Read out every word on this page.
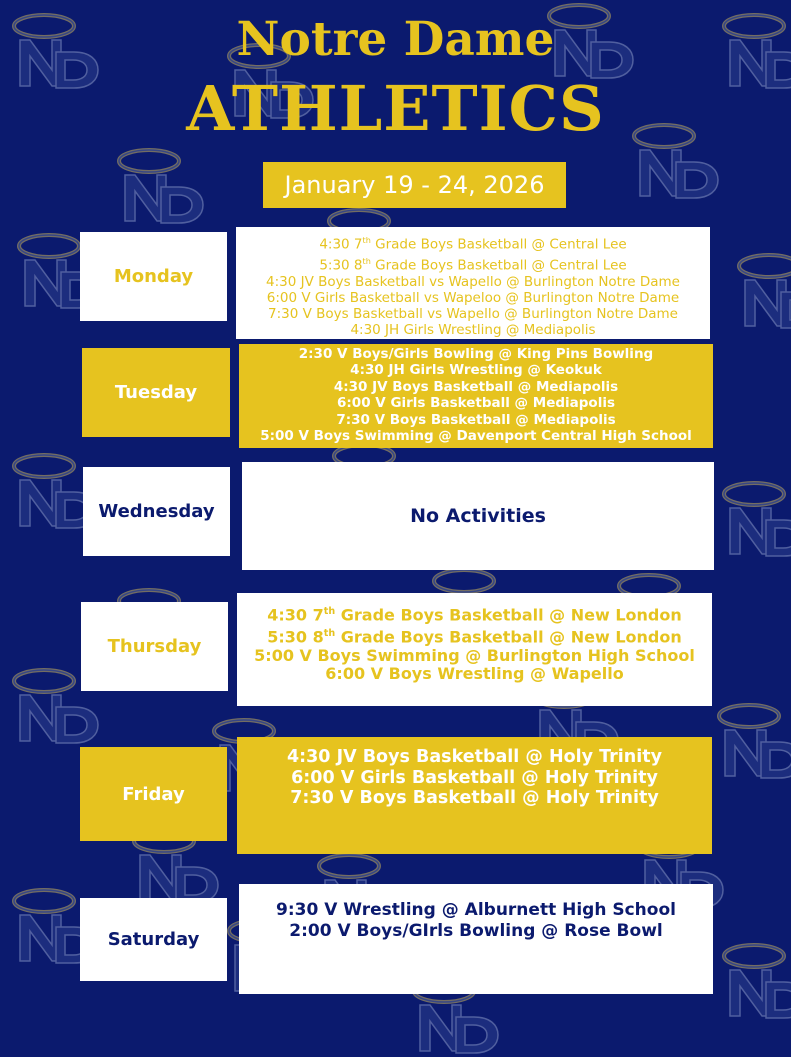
Notre Dame
ATHLETICS
January 19 - 24, 2026
Monday
4:30 7th Grade Boys Basketball @ Central Lee
5:30 8th Grade Boys Basketball @ Central Lee
4:30 JV Boys Basketball vs Wapello @ Burlington Notre Dame
6:00 V Girls Basketball vs Wapeloo @ Burlington Notre Dame
7:30 V Boys Basketball vs Wapello @ Burlington Notre Dame
4:30 JH Girls Wrestling @ Mediapolis
Tuesday
2:30 V Boys/Girls Bowling @ King Pins Bowling
4:30 JH Girls Wrestling @ Keokuk
4:30 JV Boys Basketball @ Mediapolis
6:00 V Girls Basketball @ Mediapolis
7:30 V Boys Basketball @ Mediapolis
5:00 V Boys Swimming @ Davenport Central High School
Wednesday	No Activities
Thursday
4:30 7th Grade Boys Basketball @ New London
5:30 8th Grade Boys Basketball @ New London
5:00 V Boys Swimming @ Burlington High School
6:00 V Boys Wrestling @ Wapello
Friday
4:30 JV Boys Basketball @ Holy Trinity
6:00 V Girls Basketball @ Holy Trinity
7:30 V Boys Basketball @ Holy Trinity
Saturday
9:30 V Wrestling @ Alburnett High School
2:00 V Boys/GIrls Bowling @ Rose Bowl
